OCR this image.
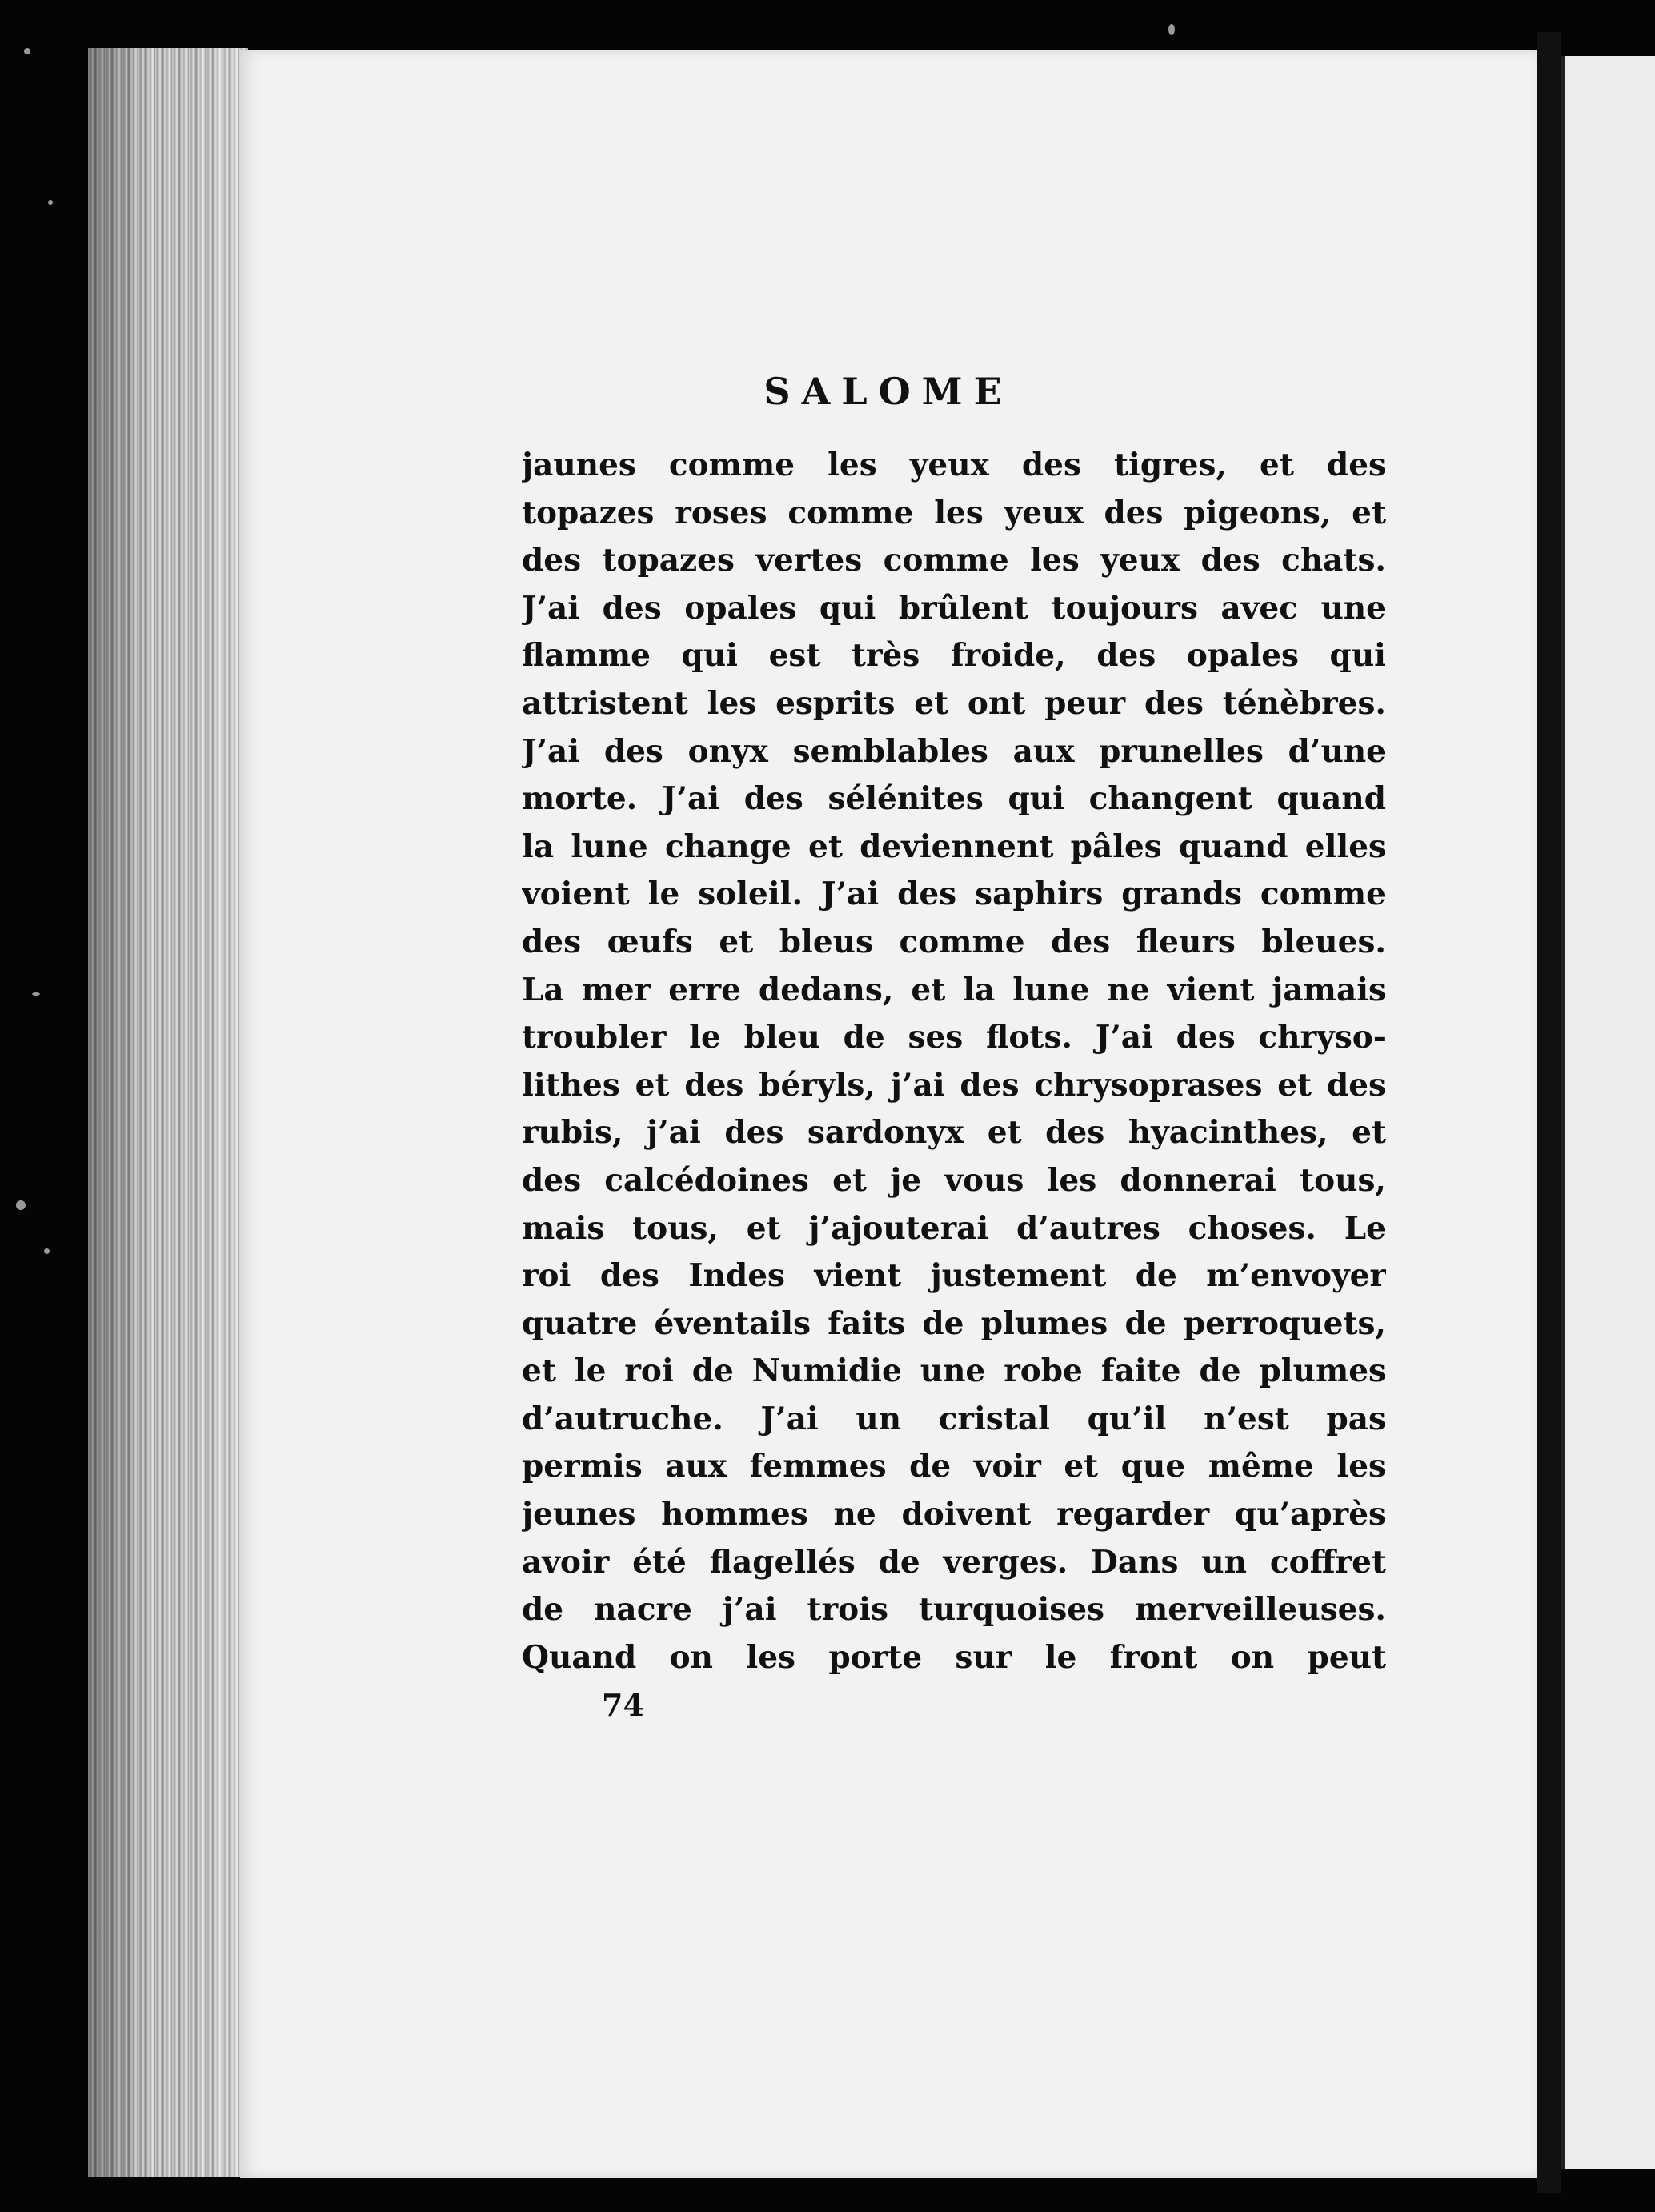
SALOME
jaunes comme les yeux des tigres, et des
topazes roses comme les yeux des pigeons, et
des topazes vertes comme les yeux des chats.
J’ai des opales qui brûlent toujours avec une
flamme qui est très froide, des opales qui
attristent les esprits et ont peur des ténèbres.
J’ai des onyx semblables aux prunelles d’une
morte. J’ai des sélénites qui changent quand
la lune change et deviennent pâles quand elles
voient le soleil. J’ai des saphirs grands comme
des œufs et bleus comme des fleurs bleues.
La mer erre dedans, et la lune ne vient jamais
troubler le bleu de ses flots. J’ai des chryso-
lithes et des béryls, j’ai des chrysoprases et des
rubis, j’ai des sardonyx et des hyacinthes, et
des calcédoines et je vous les donnerai tous,
mais tous, et j’ajouterai d’autres choses. Le
roi des Indes vient justement de m’envoyer
quatre éventails faits de plumes de perroquets,
et le roi de Numidie une robe faite de plumes
d’autruche. J’ai un cristal qu’il n’est pas
permis aux femmes de voir et que même les
jeunes hommes ne doivent regarder qu’après
avoir été flagellés de verges. Dans un coffret
de nacre j’ai trois turquoises merveilleuses.
Quand on les porte sur le front on peut
74
